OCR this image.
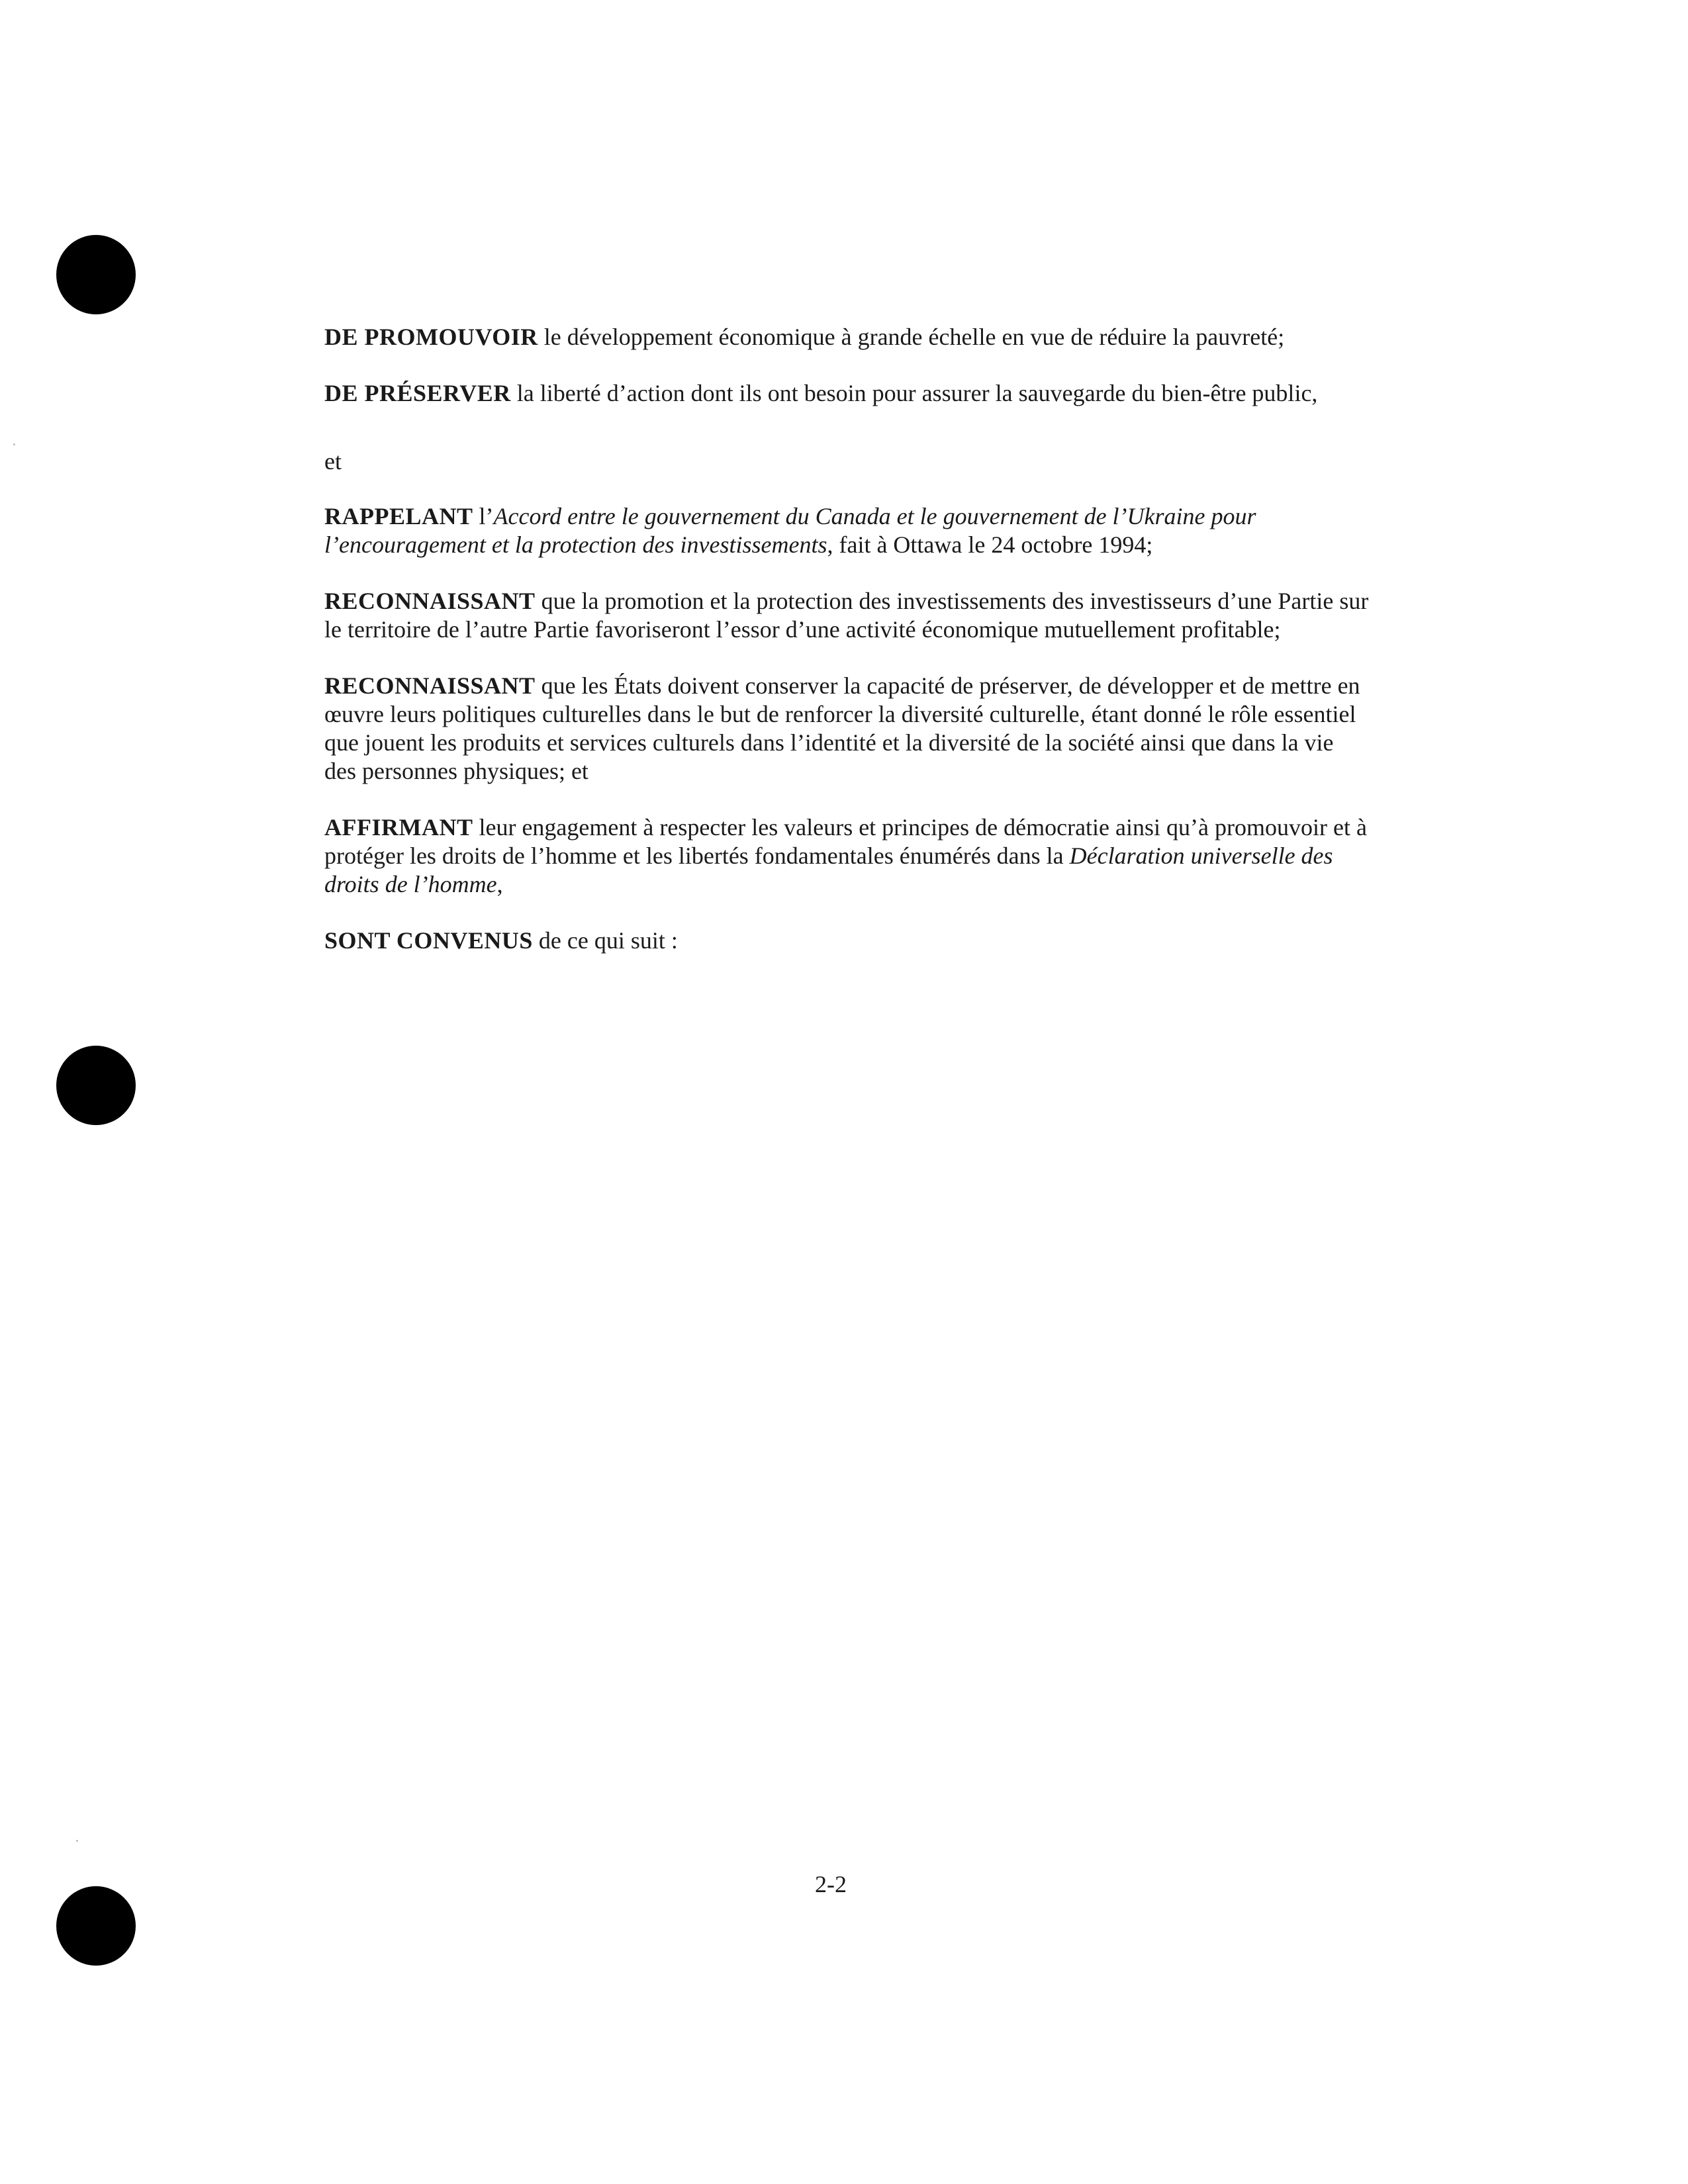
DE PROMOUVOIR le développement économique à grande échelle en vue de réduire la pauvreté;

DE PRÉSERVER la liberté d’action dont ils ont besoin pour assurer la sauvegarde du bien-être public,

et

RAPPELANT l’Accord entre le gouvernement du Canada et le gouvernement de l’Ukraine pour l’encouragement et la protection des investissements, fait à Ottawa le 24 octobre 1994;

RECONNAISSANT que la promotion et la protection des investissements des investisseurs d’une Partie sur le territoire de l’autre Partie favoriseront l’essor d’une activité économique mutuellement profitable;

RECONNAISSANT que les États doivent conserver la capacité de préserver, de développer et de mettre en œuvre leurs politiques culturelles dans le but de renforcer la diversité culturelle, étant donné le rôle essentiel que jouent les produits et services culturels dans l’identité et la diversité de la société ainsi que dans la vie des personnes physiques; et

AFFIRMANT leur engagement à respecter les valeurs et principes de démocratie ainsi qu’à promouvoir et à protéger les droits de l’homme et les libertés fondamentales énumérés dans la Déclaration universelle des droits de l’homme,

SONT CONVENUS de ce qui suit :

2-2
